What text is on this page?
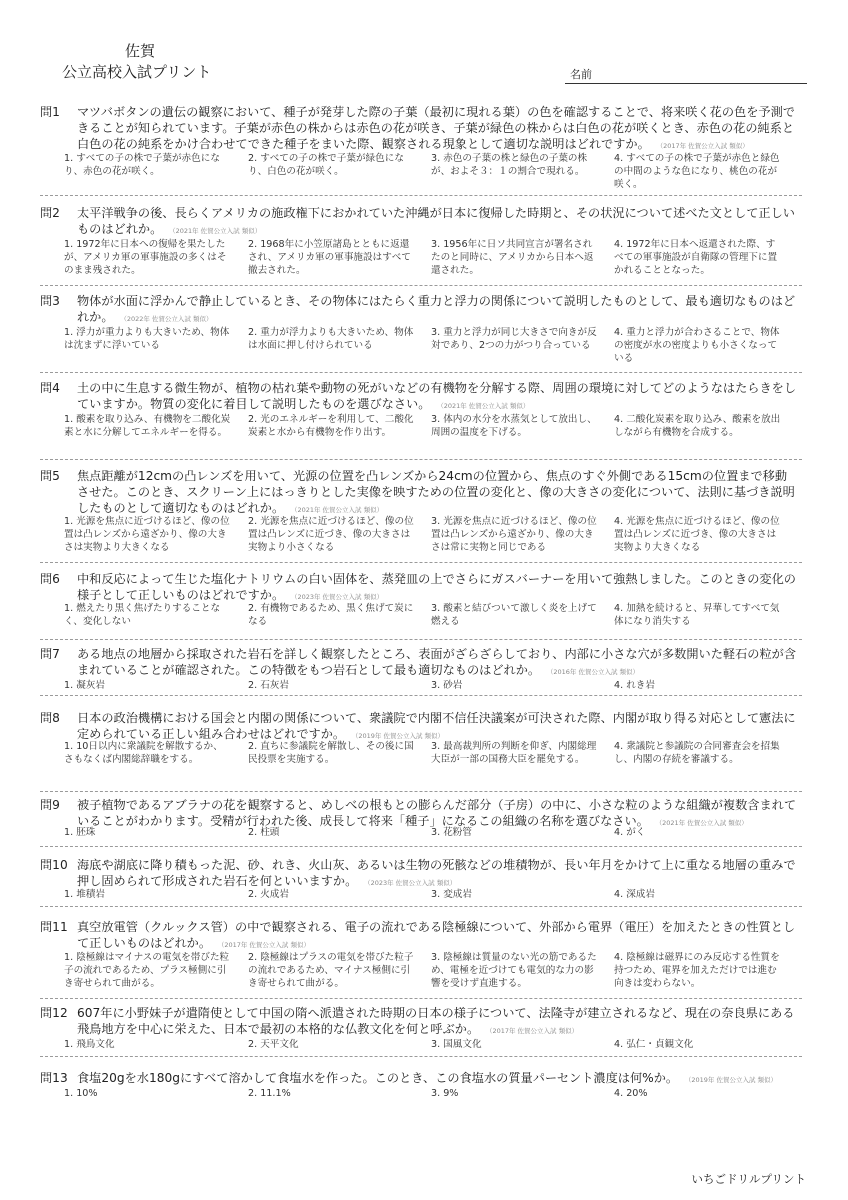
佐賀
公立高校入試プリント	名前
問1 マツバボタンの遺伝の観察において、種子が発芽した際の子葉（最初に現れる葉）の色を確認することで、将来咲く花の色を予測できることが知られています。子葉が赤色の株からは赤色の花が咲き、子葉が緑色の株からは白色の花が咲くとき、赤色の花の純系と白色の花の純系をかけ合わせてできた種子をまいた際、観察される現象として適切な説明はどれですか。 （2017年 佐賀公立入試 類似）
1. すべての子の株で子葉が赤色になり、赤色の花が咲く。
2. すべての子の株で子葉が緑色になり、白色の花が咲く。
3. 赤色の子葉の株と緑色の子葉の株が、およそ３：１の割合で現れる。
4. すべての子の株で子葉が赤色と緑色の中間のような色になり、桃色の花が咲く。
問2 太平洋戦争の後、長らくアメリカの施政権下におかれていた沖縄が日本に復帰した時期と、その状況について述べた文として正しいものはどれか。 （2021年 佐賀公立入試 類似）
1. 1972年に日本への復帰を果たしたが、アメリカ軍の軍事施設の多くはそのまま残された。
2. 1968年に小笠原諸島とともに返還され、アメリカ軍の軍事施設はすべて撤去された。
3. 1956年に日ソ共同宣言が署名されたのと同時に、アメリカから日本へ返還された。
4. 1972年に日本へ返還された際、すべての軍事施設が自衛隊の管理下に置かれることとなった。
問3 物体が水面に浮かんで静止しているとき、その物体にはたらく重力と浮力の関係について説明したものとして、最も適切なものはどれか。 （2022年 佐賀公立入試 類似）
1. 浮力が重力よりも大きいため、物体は沈まずに浮いている
2. 重力が浮力よりも大きいため、物体は水面に押し付けられている
3. 重力と浮力が同じ大きさで向きが反対であり、2つの力がつり合っている
4. 重力と浮力が合わさることで、物体の密度が水の密度よりも小さくなっている
問4 土の中に生息する微生物が、植物の枯れ葉や動物の死がいなどの有機物を分解する際、周囲の環境に対してどのようなはたらきをしていますか。物質の変化に着目して説明したものを選びなさい。 （2021年 佐賀公立入試 類似）
1. 酸素を取り込み、有機物を二酸化炭素と水に分解してエネルギーを得る。
2. 光のエネルギーを利用して、二酸化炭素と水から有機物を作り出す。
3. 体内の水分を水蒸気として放出し、周囲の温度を下げる。
4. 二酸化炭素を取り込み、酸素を放出しながら有機物を合成する。
問5 焦点距離が12cmの凸レンズを用いて、光源の位置を凸レンズから24cmの位置から、焦点のすぐ外側である15cmの位置まで移動させた。このとき、スクリーン上にはっきりとした実像を映すための位置の変化と、像の大きさの変化について、法則に基づき説明したものとして適切なものはどれか。 （2021年 佐賀公立入試 類似）
1. 光源を焦点に近づけるほど、像の位置は凸レンズから遠ざかり、像の大きさは実物より大きくなる
2. 光源を焦点に近づけるほど、像の位置は凸レンズに近づき、像の大きさは実物より小さくなる
3. 光源を焦点に近づけるほど、像の位置は凸レンズから遠ざかり、像の大きさは常に実物と同じである
4. 光源を焦点に近づけるほど、像の位置は凸レンズに近づき、像の大きさは実物より大きくなる
問6 中和反応によって生じた塩化ナトリウムの白い固体を、蒸発皿の上でさらにガスバーナーを用いて強熱しました。このときの変化の様子として正しいものはどれですか。 （2023年 佐賀公立入試 類似）
1. 燃えたり黒く焦げたりすることなく、変化しない
2. 有機物であるため、黒く焦げて炭になる
3. 酸素と結びついて激しく炎を上げて燃える
4. 加熱を続けると、昇華してすべて気体になり消失する
問7 ある地点の地層から採取された岩石を詳しく観察したところ、表面がざらざらしており、内部に小さな穴が多数開いた軽石の粒が含まれていることが確認された。この特徴をもつ岩石として最も適切なものはどれか。 （2016年 佐賀公立入試 類似）
1. 凝灰岩	2. 石灰岩	3. 砂岩	4. れき岩
問8 日本の政治機構における国会と内閣の関係について、衆議院で内閣不信任決議案が可決された際、内閣が取り得る対応として憲法に定められている正しい組み合わせはどれですか。 （2019年 佐賀公立入試 類似）
1. 10日以内に衆議院を解散するか、さもなくば内閣総辞職をする。
2. 直ちに参議院を解散し、その後に国民投票を実施する。
3. 最高裁判所の判断を仰ぎ、内閣総理大臣が一部の国務大臣を罷免する。
4. 衆議院と参議院の合同審査会を招集し、内閣の存続を審議する。
問9 被子植物であるアブラナの花を観察すると、めしべの根もとの膨らんだ部分（子房）の中に、小さな粒のような組織が複数含まれていることがわかります。受精が行われた後、成長して将来「種子」になるこの組織の名称を選びなさい。 （2021年 佐賀公立入試 類似）
1. 胚珠	2. 柱頭	3. 花粉管	4. がく
問10 海底や湖底に降り積もった泥、砂、れき、火山灰、あるいは生物の死骸などの堆積物が、長い年月をかけて上に重なる地層の重みで押し固められて形成された岩石を何といいますか。 （2023年 佐賀公立入試 類似）
1. 堆積岩	2. 火成岩	3. 変成岩	4. 深成岩
問11 真空放電管（クルックス管）の中で観察される、電子の流れである陰極線について、外部から電界（電圧）を加えたときの性質として正しいものはどれか。 （2017年 佐賀公立入試 類似）
1. 陰極線はマイナスの電気を帯びた粒子の流れであるため、プラス極側に引き寄せられて曲がる。
2. 陰極線はプラスの電気を帯びた粒子の流れであるため、マイナス極側に引き寄せられて曲がる。
3. 陰極線は質量のない光の筋であるため、電極を近づけても電気的な力の影響を受けず直進する。
4. 陰極線は磁界にのみ反応する性質を持つため、電界を加えただけでは進む向きは変わらない。
問12 607年に小野妹子が遣隋使として中国の隋へ派遣された時期の日本の様子について、法隆寺が建立されるなど、現在の奈良県にある飛鳥地方を中心に栄えた、日本で最初の本格的な仏教文化を何と呼ぶか。 （2017年 佐賀公立入試 類似）
1. 飛鳥文化	2. 天平文化	3. 国風文化	4. 弘仁・貞観文化
問13 食塩20gを水180gにすべて溶かして食塩水を作った。このとき、この食塩水の質量パーセント濃度は何%か。 （2019年 佐賀公立入試 類似）
1. 10%	2. 11.1%	3. 9%	4. 20%
いちごドリルプリント
